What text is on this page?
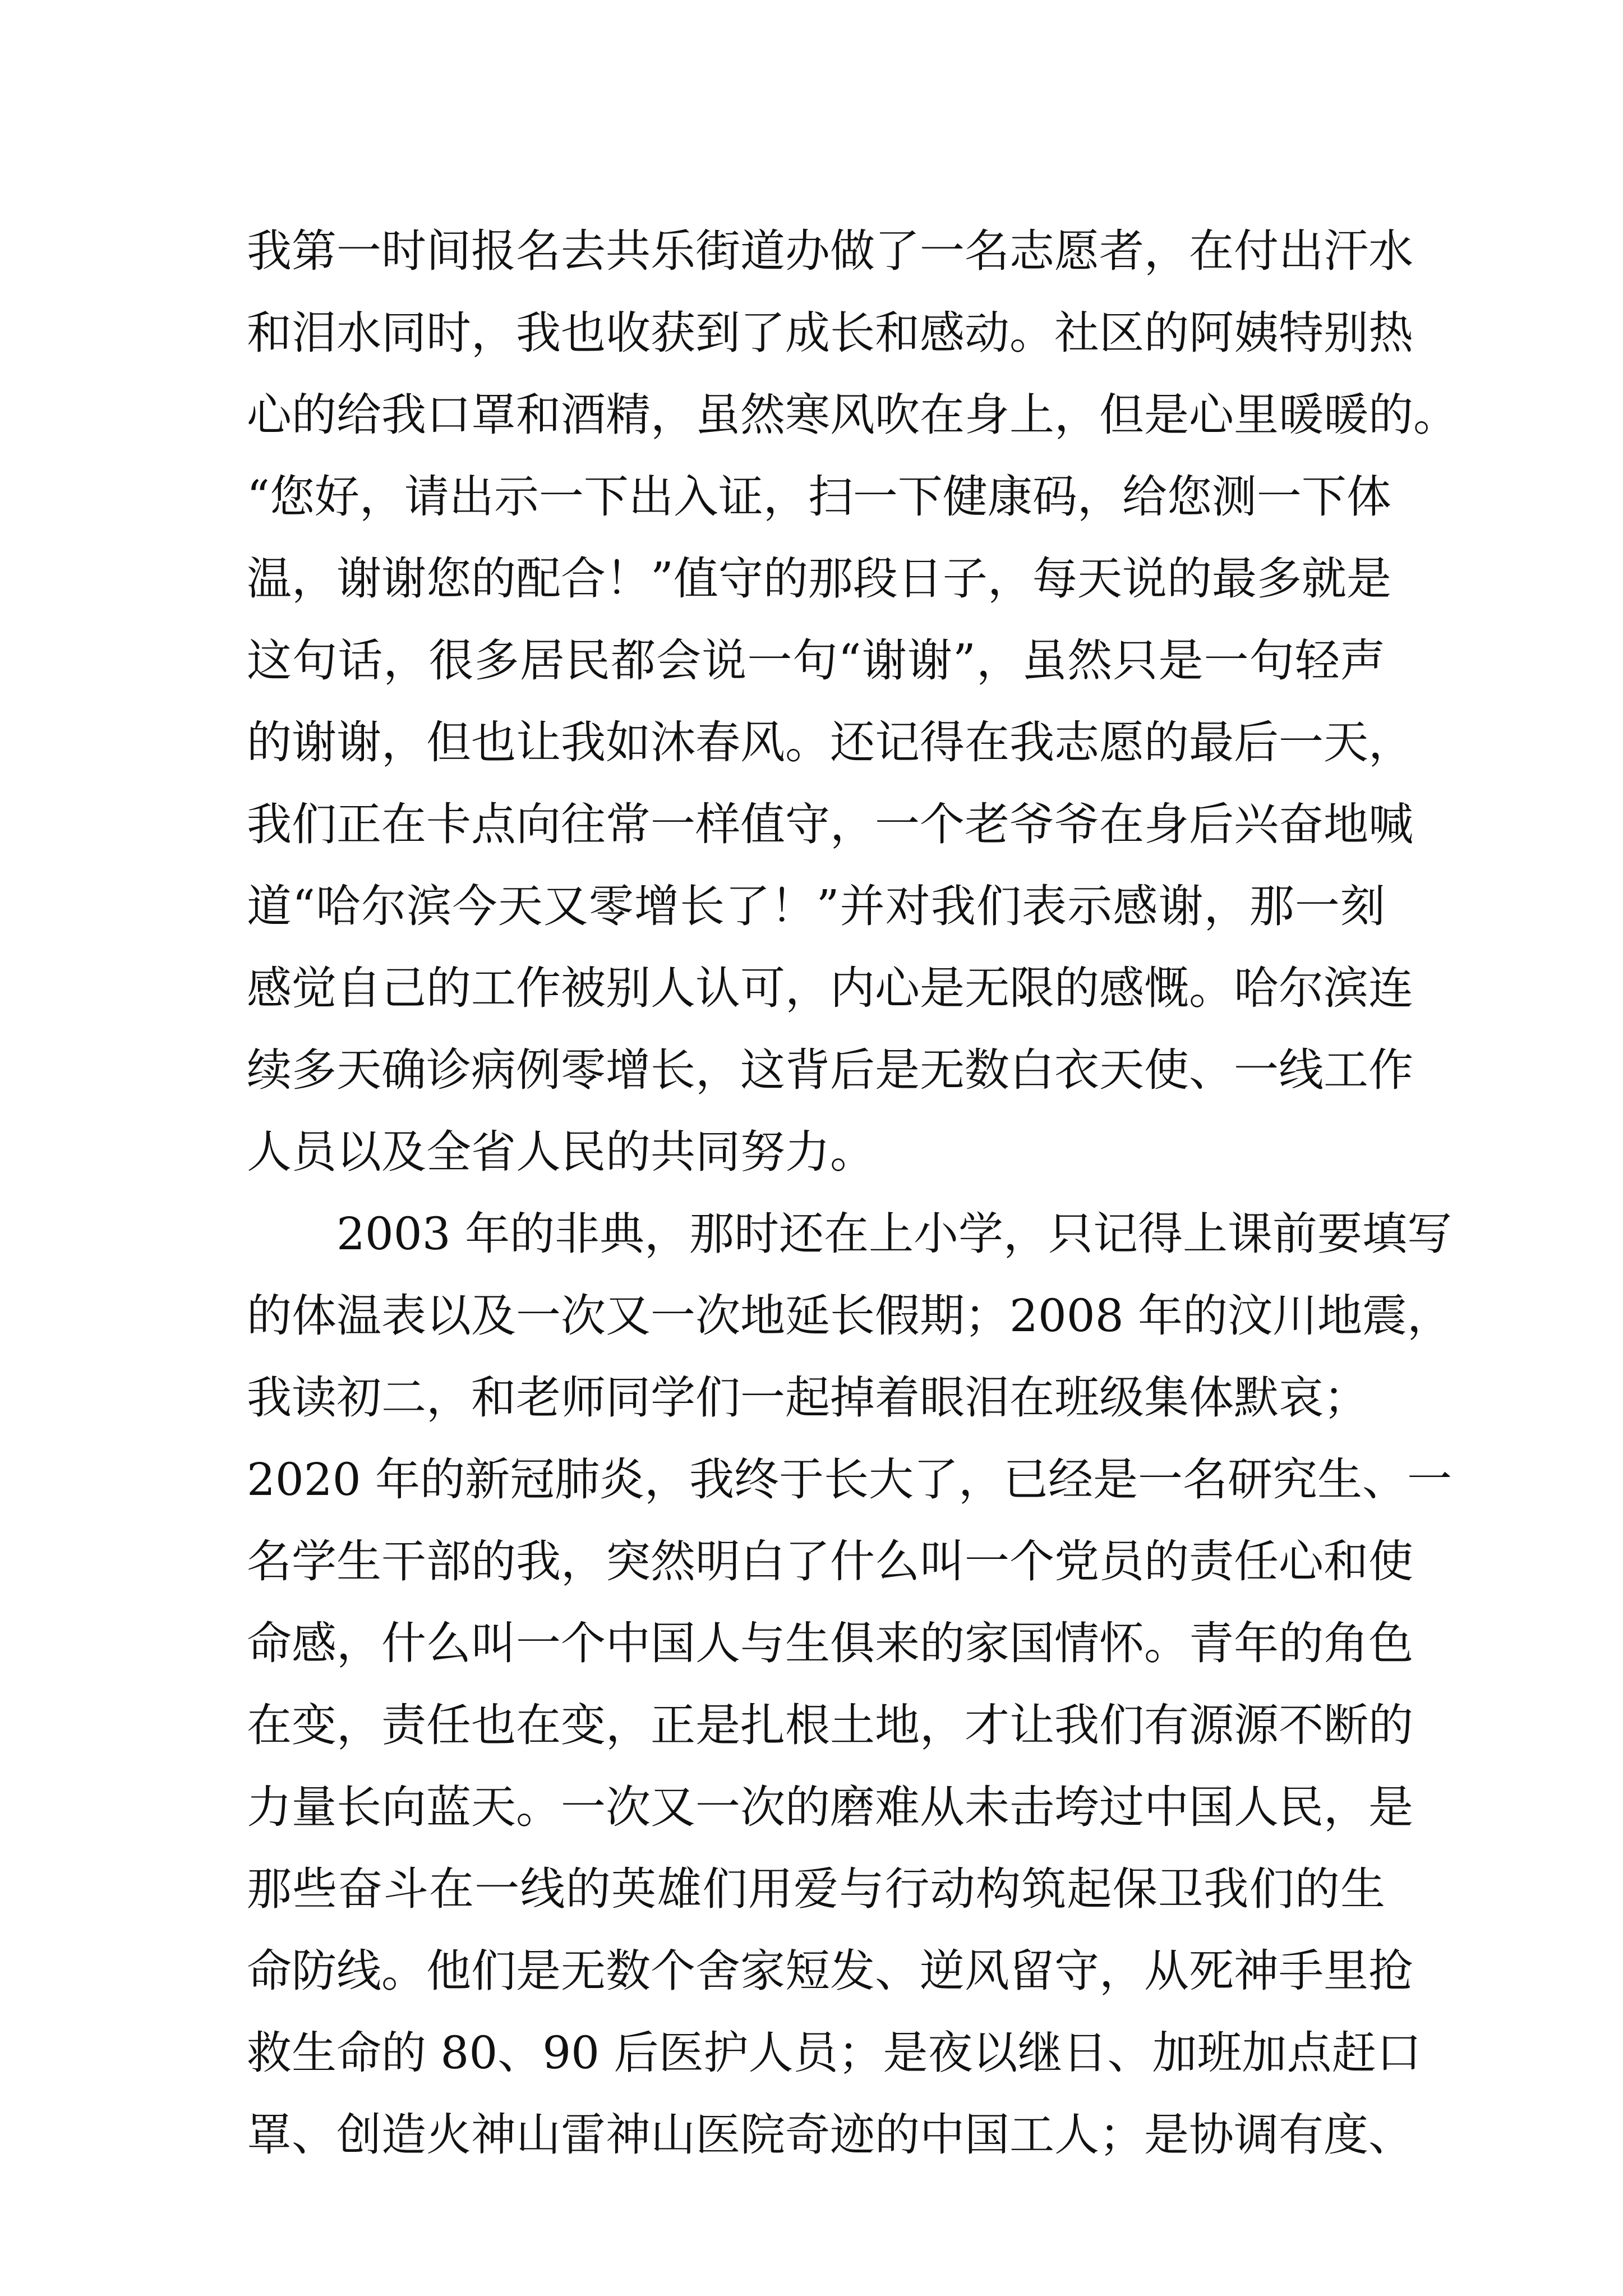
我第一时间报名去共乐街道办做了一名志愿者，在付出汗水
和泪水同时，我也收获到了成长和感动。社区的阿姨特别热
心的给我口罩和酒精，虽然寒风吹在身上，但是心里暖暖的。
“您好，请出示一下出入证，扫一下健康码，给您测一下体
温，谢谢您的配合！”值守的那段日子，每天说的最多就是
这句话，很多居民都会说一句“谢谢”，虽然只是一句轻声
的谢谢，但也让我如沐春风。还记得在我志愿的最后一天，
我们正在卡点向往常一样值守，一个老爷爷在身后兴奋地喊
道“哈尔滨今天又零增长了！”并对我们表示感谢，那一刻
感觉自己的工作被别人认可，内心是无限的感慨。哈尔滨连
续多天确诊病例零增长，这背后是无数白衣天使、一线工作
人员以及全省人民的共同努力。
　　2003 年的非典，那时还在上小学，只记得上课前要填写
的体温表以及一次又一次地延长假期；2008 年的汶川地震，
我读初二，和老师同学们一起掉着眼泪在班级集体默哀；
2020 年的新冠肺炎，我终于长大了，已经是一名研究生、一
名学生干部的我，突然明白了什么叫一个党员的责任心和使
命感，什么叫一个中国人与生俱来的家国情怀。青年的角色
在变，责任也在变，正是扎根土地，才让我们有源源不断的
力量长向蓝天。一次又一次的磨难从未击垮过中国人民，是
那些奋斗在一线的英雄们用爱与行动构筑起保卫我们的生
命防线。他们是无数个舍家短发、逆风留守，从死神手里抢
救生命的 80、90 后医护人员；是夜以继日、加班加点赶口
罩、创造火神山雷神山医院奇迹的中国工人；是协调有度、
